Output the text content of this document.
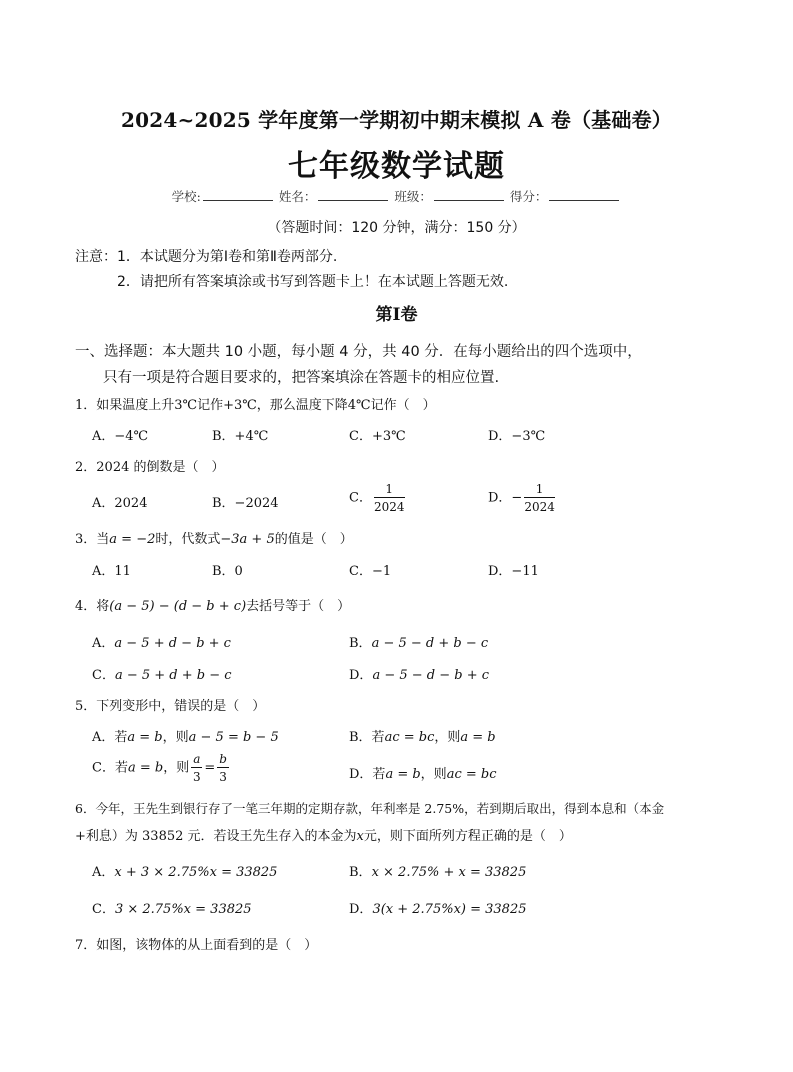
2024~2025 学年度第一学期初中期末模拟 A 卷（基础卷）
七年级数学试题
学校:	姓名：	班级：	得分：
（答题时间：120 分钟，满分：150 分）
注意：1．本试题分为第Ⅰ卷和第Ⅱ卷两部分.
2．请把所有答案填涂或书写到答题卡上！在本试题上答题无效.
第Ⅰ卷
一、选择题：本大题共 10 小题，每小题 4 分，共 40 分．在每小题给出的四个选项中，
只有一项是符合题目要求的，把答案填涂在答题卡的相应位置.
1．如果温度上升3℃记作+3℃，那么温度下降4℃记作（　）
A．−4℃	B．+4℃	C．+3℃	D．−3℃
2．2024 的倒数是（　）
A．2024	B．−2024	C． $\frac{1}{2024}$	D．− $\frac{1}{2024}$
3．当a = −2时，代数式−3a + 5的值是（　）
A．11	B．0	C．−1	D．−11
4．将(a − 5) − (d − b + c)去括号等于（　）
A．a − 5 + d − b + c	B．a − 5 − d + b − c
C．a − 5 + d + b − c	D．a − 5 − d − b + c
5．下列变形中，错误的是（　）
A．若a = b，则a − 5 = b − 5	B．若ac = bc，则a = b
C．若a = b，则 $\frac{a}{3} = \frac{b}{3}$	D．若a = b，则ac = bc
6．今年，王先生到银行存了一笔三年期的定期存款，年利率是 2.75%，若到期后取出，得到本息和（本金
+利息）为 33852 元．若设王先生存入的本金为x元，则下面所列方程正确的是（　）
A．x + 3 × 2.75%x = 33825	B．x × 2.75% + x = 33825
C．3 × 2.75%x = 33825	D．3(x + 2.75%x) = 33825
7．如图，该物体的从上面看到的是（　）
